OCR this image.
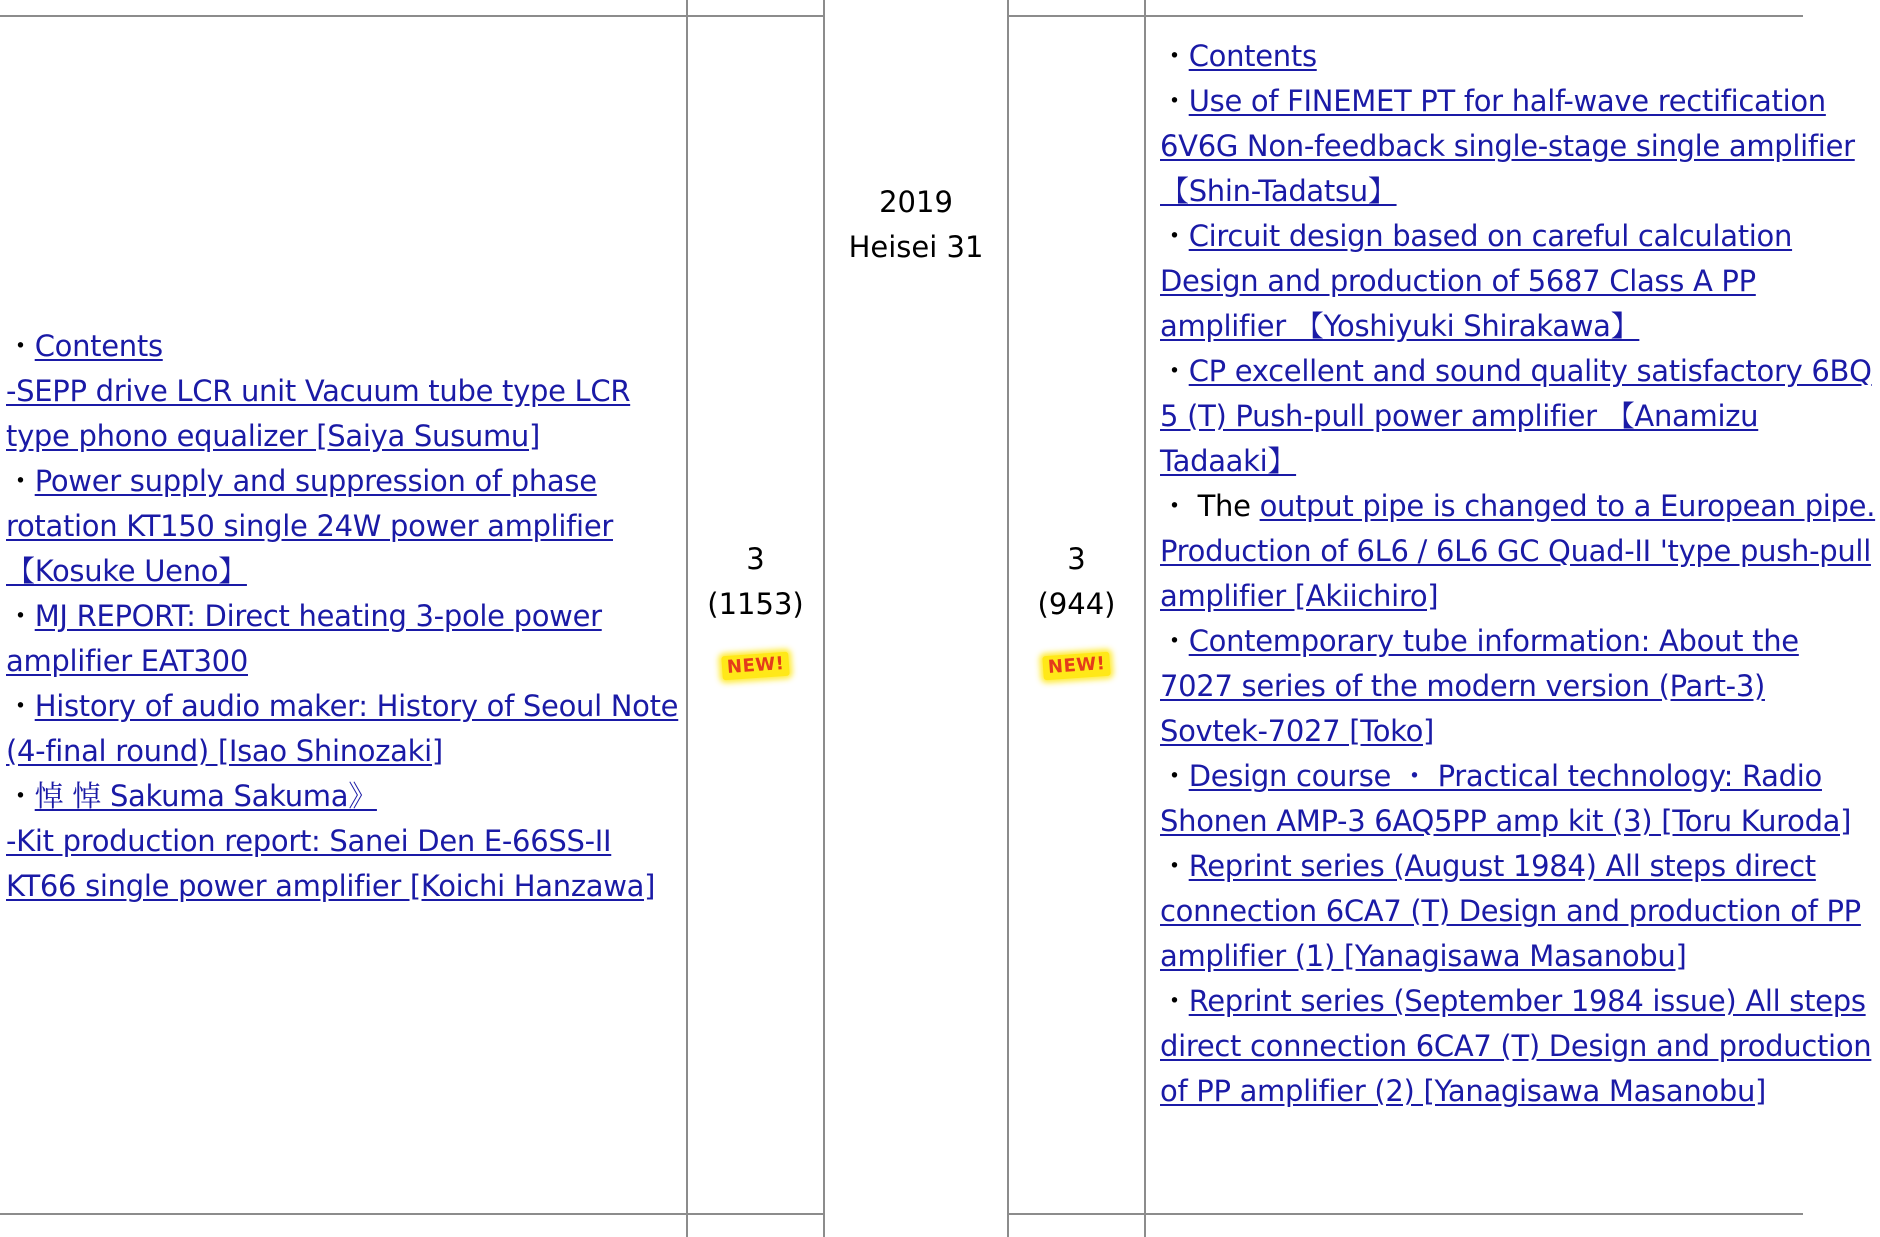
・Contents
-SEPP drive LCR unit Vacuum tube type LCR type phono equalizer [Saiya Susumu]
・Power supply and suppression of phase rotation KT150 single 24W power amplifier 【Kosuke Ueno】
・MJ REPORT: Direct heating 3-pole power amplifier EAT300
・History of audio maker: History of Seoul Note (4-final round) [Isao Shinozaki]
・悼 悼 Sakuma Sakuma》
-Kit production report: Sanei Den E-66SS-II KT66 single power amplifier [Koichi Hanzawa]
3
(1153)
NEW!
2019
Heisei 31
3
(944)
NEW!
・Contents
・Use of FINEMET PT for half-wave rectification 6V6G Non-feedback single-stage single amplifier 【Shin-Tadatsu】
・Circuit design based on careful calculation Design and production of 5687 Class A PP amplifier 【Yoshiyuki Shirakawa】
・CP excellent and sound quality satisfactory 6BQ 5 (T) Push-pull power amplifier 【Anamizu Tadaaki】
・ The output pipe is changed to a European pipe. Production of 6L6 / 6L6 GC Quad-II 'type push-pull amplifier [Akiichiro]
・Contemporary tube information: About the 7027 series of the modern version (Part-3) Sovtek-7027 [Toko]
・Design course ・ Practical technology: Radio Shonen AMP-3 6AQ5PP amp kit (3) [Toru Kuroda]
・Reprint series (August 1984) All steps direct connection 6CA7 (T) Design and production of PP amplifier (1) [Yanagisawa Masanobu]
・Reprint series (September 1984 issue) All steps direct connection 6CA7 (T) Design and production of PP amplifier (2) [Yanagisawa Masanobu]
